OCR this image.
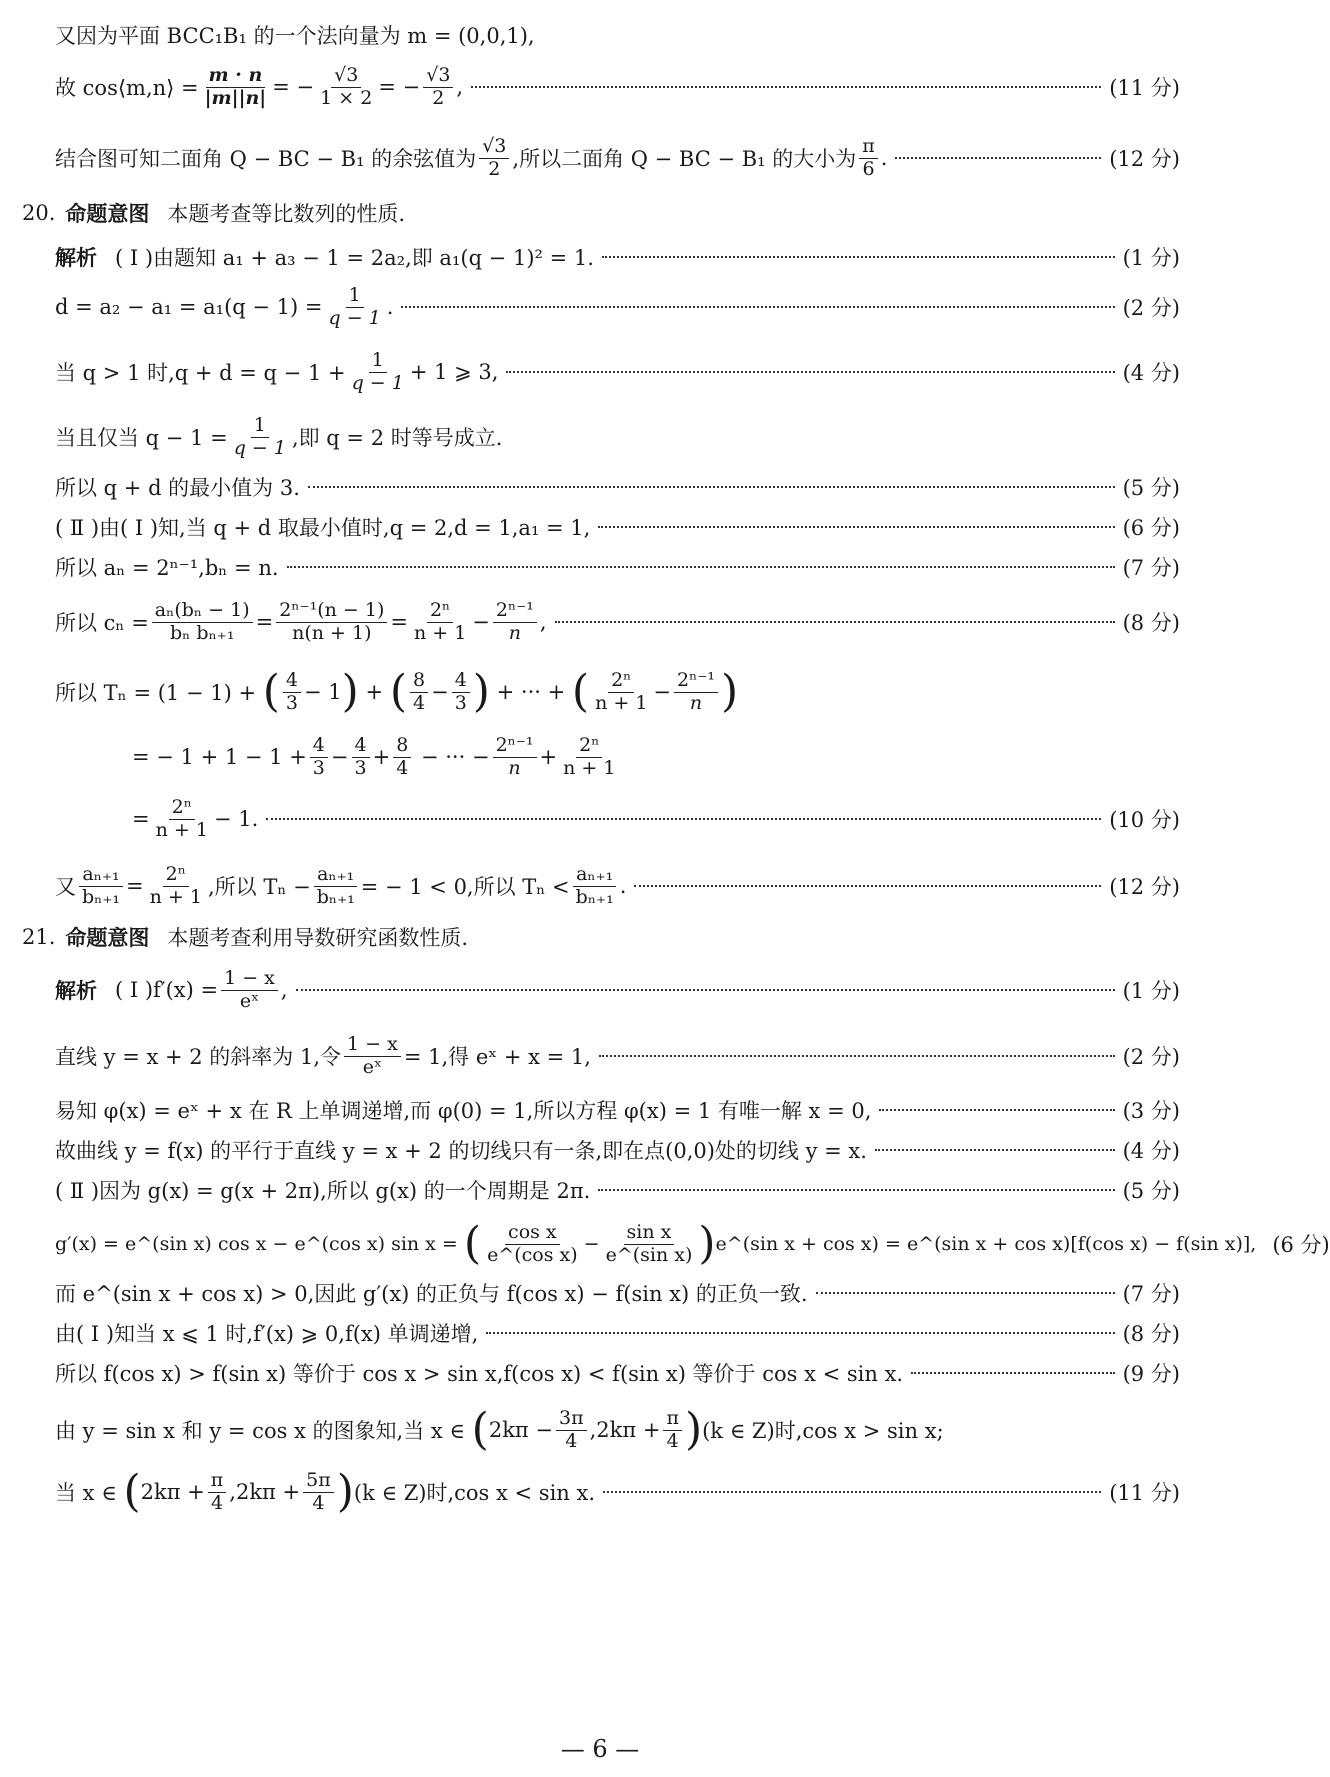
又因为平面 BCC₁B₁ 的一个法向量为 m = (0,0,1),
故 cos⟨m,n⟩ = $\frac{m \cdot n}{|m||n|}$ =
− $\frac{√3}{1 \times 2}$ =
− $\frac{√3}{2}$ ,	(11 分)
结合图可知二面角 Q − BC − B₁ 的余弦值为 $\frac{√3}{2}$ ,所以二面角 Q − BC − B₁ 的大小为 $\frac{\pi}{6}$ .	(12 分)
20. 命题意图 本题考查等比数列的性质.
解析 ( Ⅰ )由题知 a₁ + a₃ − 1 = 2a₂,即 a₁(q − 1)² = 1.	(1 分)
$d = a_2 - a_1 = a_1(q - 1) = \frac{1}{q - 1}$ .	(2 分)
当 q > 1 时$,q + d = q - 1 + \frac{1}{q - 1} + 1$ ⩾ 3,	(4 分)
当且仅当 $q - 1 = \frac{1}{q - 1}$ ,即 q = 2 时等号成立.
所以 q + d 的最小值为 3.	(5 分)
( Ⅱ )由( Ⅰ )知,当 q + d 取最小值时,q = 2,d = 1,a₁ = 1,	(6 分)
所以 aₙ = 2ⁿ⁻¹,bₙ = n.	(7 分)
所以 $c_n = \frac{\text{aₙ(bₙ − 1)}}{\text{bₙ bₙ₊₁}} = \frac{\text{2ⁿ⁻¹(n − 1)}}{n(n + 1)} = \frac{\text{2ⁿ}}{n + 1} - \frac{\text{2ⁿ⁻¹}}{n}$ ,	(8 分)
所以 Tₙ = (1 − 1) +
( $\frac{4}{3} - 1$ )
+
( $\frac{8}{4} - \frac{4}{3}$ )
+ ··· +
( $\frac{\text{2ⁿ}}{n + 1} - \frac{\text{2ⁿ⁻¹}}{n}$ )
= − $1 + 1 - 1 + \frac{4}{3} - \frac{4}{3} + \frac{8}{4}$
− ··· − $\frac{\text{2ⁿ⁻¹}}{n} + \frac{\text{2ⁿ}}{n + 1}$
= $\frac{\text{2ⁿ}}{n + 1} - 1$.	(10 分)
又 $\frac{\text{aₙ₊₁}}{\text{bₙ₊₁}} = \frac{\text{2ⁿ}}{n + 1}$ ,所以 $T_n - \frac{\text{aₙ₊₁}}{\text{bₙ₊₁}}$ = − 1 < 0,所以 $T_n < \frac{\text{aₙ₊₁}}{\text{bₙ₊₁}}$ .	(12 分)
21. 命题意图 本题考查利用导数研究函数性质.
解析 ( Ⅰ )$f'(x) = \frac{1 - x}{\text{eˣ}}$ ,	(1 分)
直线 y = x + 2 的斜率为 1,令 $\frac{1 - x}{\text{eˣ}} = 1$,得 eˣ + x = 1,	(2 分)
易知 φ(x) = eˣ + x 在 R 上单调递增,而 φ(0) = 1,所以方程 φ(x) = 1 有唯一解 x = 0,	(3 分)
故曲线 y = f(x) 的平行于直线 y = x + 2 的切线只有一条,即在点(0,0)处的切线 y = x.	(4 分)
( Ⅱ )因为 g(x) = g(x + 2π),所以 g(x) 的一个周期是 2π.	(5 分)
g′(x) = e^(sin x) cos x − e^(cos x) sin x =
( $\frac{\text{cos x}}{\text{e\textasciicircum{}(cos x)}} - \frac{\text{sin x}}{\text{e\textasciicircum{}(sin x)}}$ ) e^(sin x + cos x) = e^(sin x + cos x)[f(cos x) − f(sin x)], (6 分)
而 e^(sin x + cos x) > 0,因此 g′(x) 的正负与 f(cos x) − f(sin x) 的正负一致.	(7 分)
由( Ⅰ )知当 x ⩽ 1 时,f′(x) ⩾ 0,f(x) 单调递增,	(8 分)
所以 f(cos x) > f(sin x) 等价于 cos x > sin x,f(cos x) < f(sin x) 等价于 cos x < sin x.	(9 分)
由 y = sin x 和 y = cos x 的图象知,当 x ∈
( $2k\pi - \frac{3\pi}{4} ,2k\pi + \frac{\pi}{4}$ ) (k ∈ Z)时,cos x > sin x;
当 x ∈
( $2k\pi + \frac{\pi}{4} ,2k\pi + \frac{5\pi}{4}$ ) (k ∈ Z)时,cos x < sin x.	(11 分)
— 6 —
